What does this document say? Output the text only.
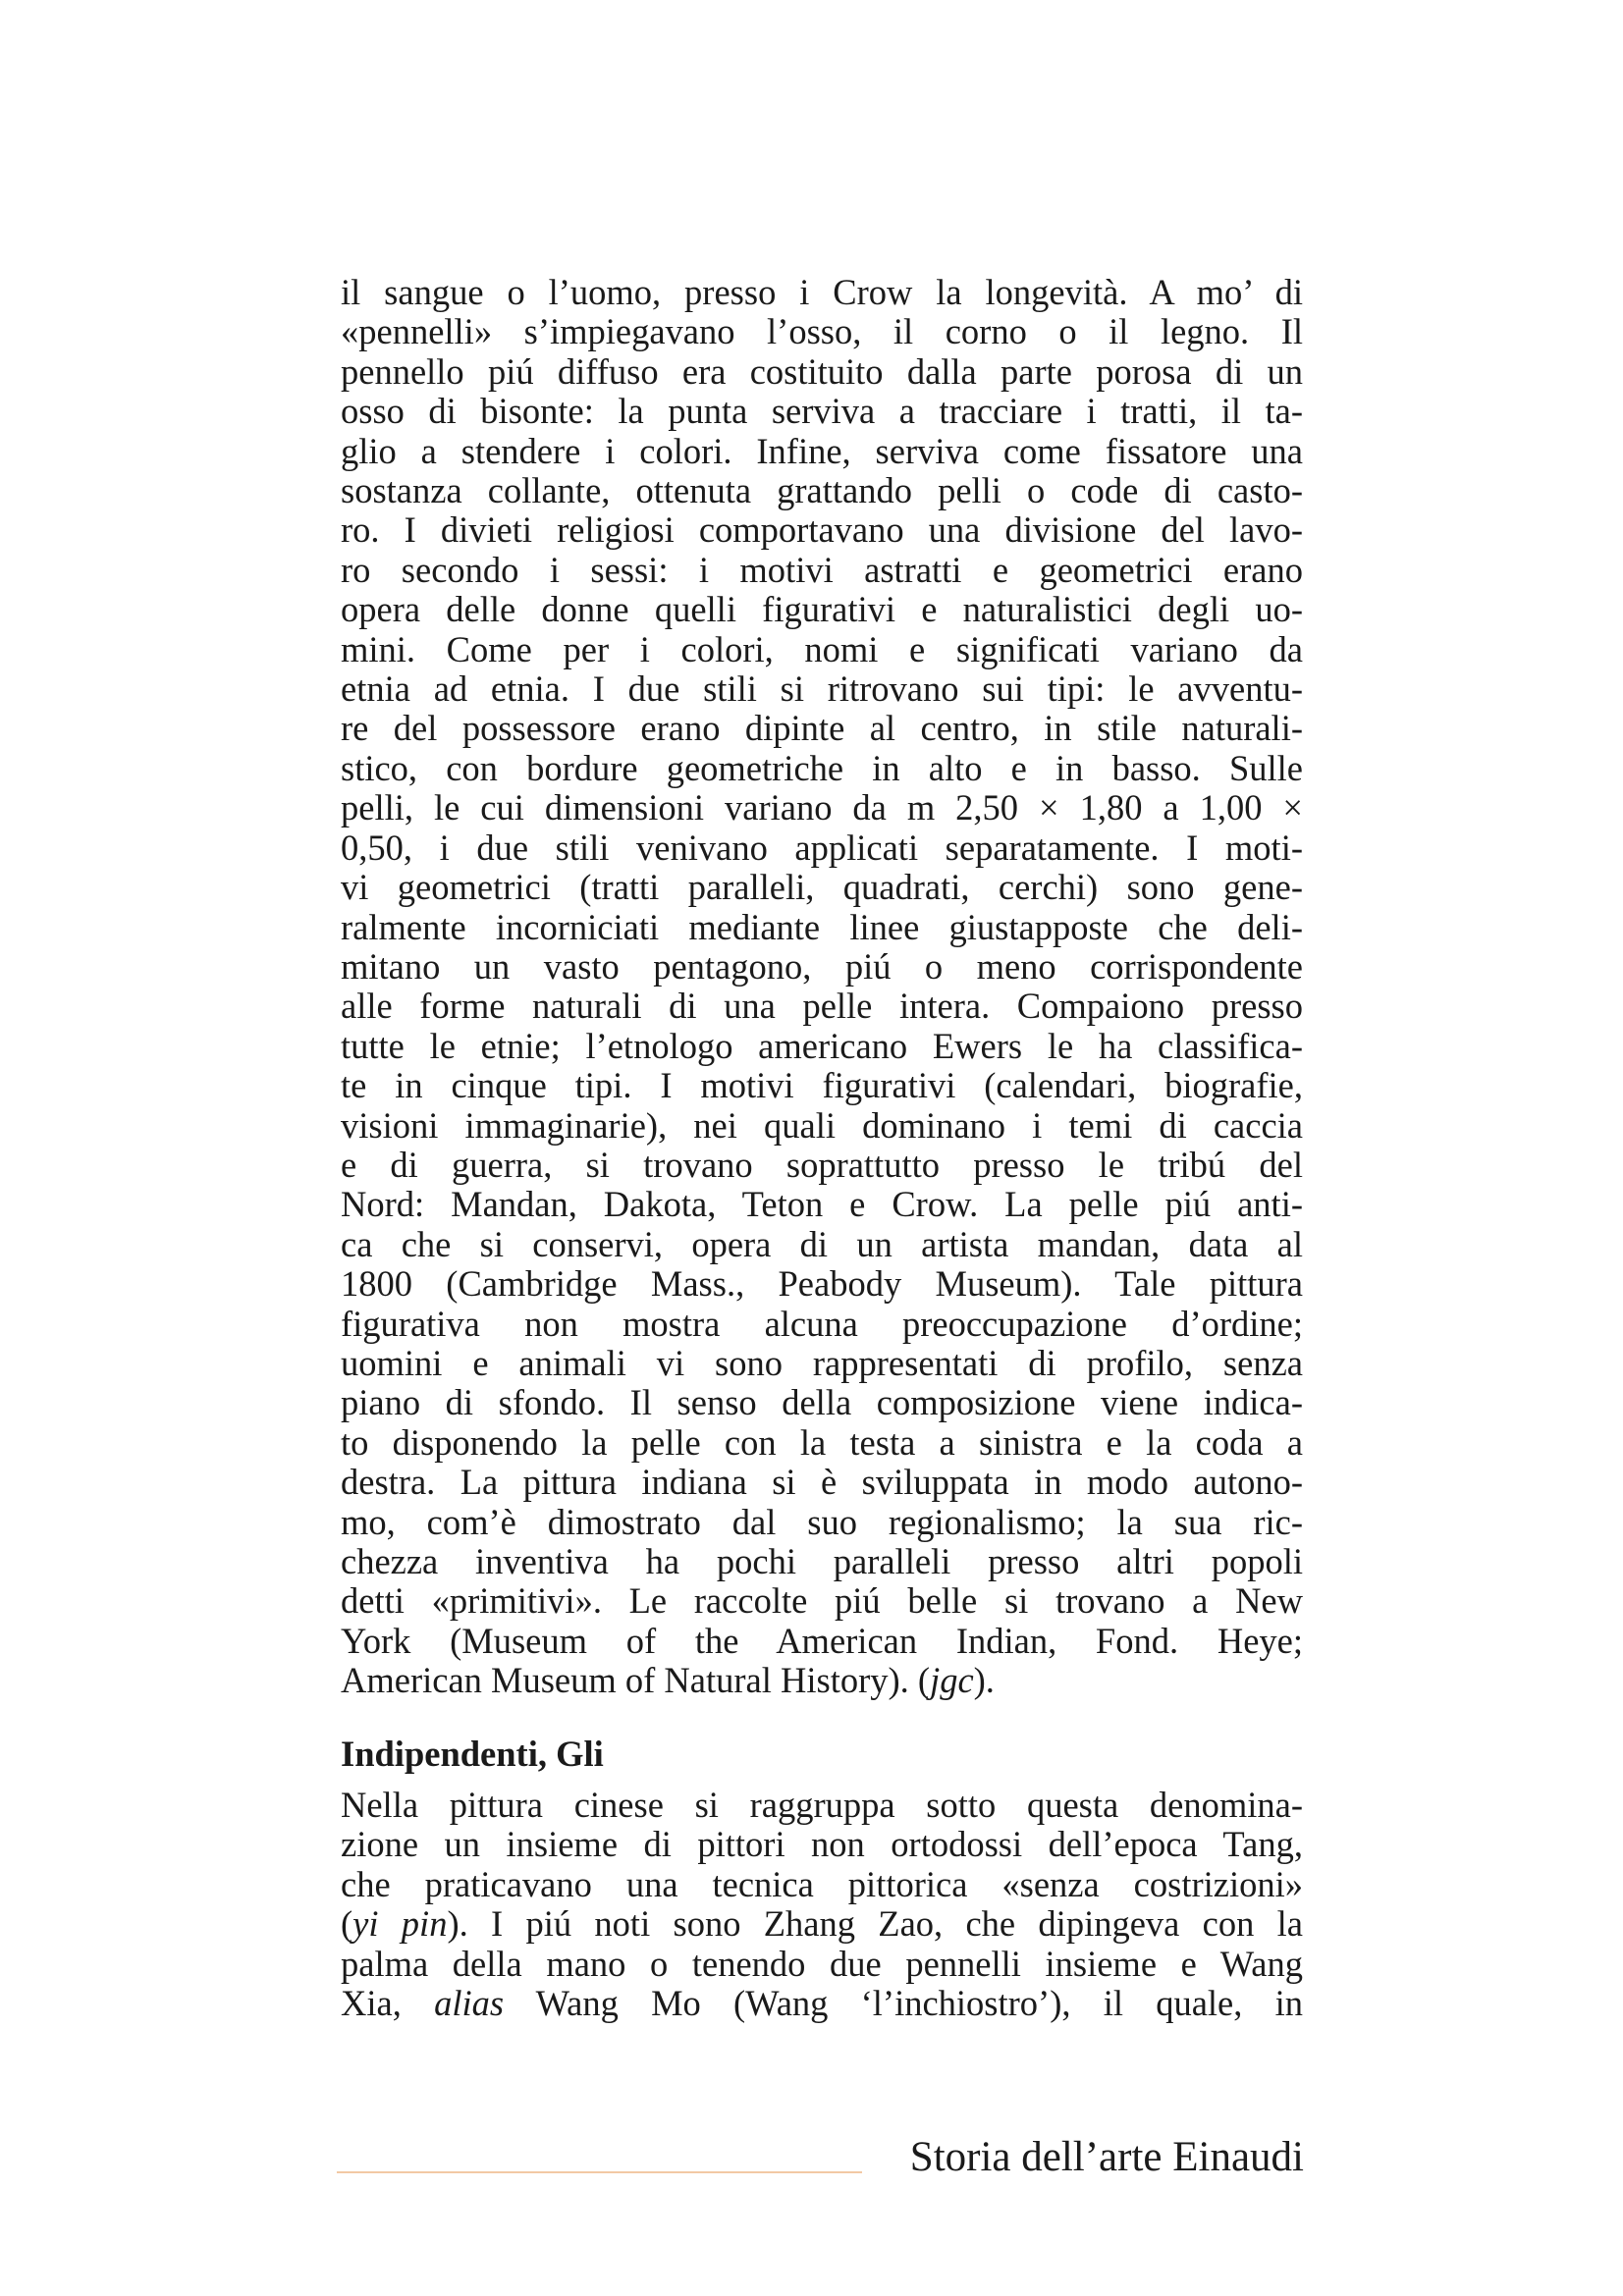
il sangue o l’uomo, presso i Crow la longevità. A mo’ di
«pennelli» s’impiegavano l’osso, il corno o il legno. Il
pennello piú diffuso era costituito dalla parte porosa di un
osso di bisonte: la punta serviva a tracciare i tratti, il ta-
glio a stendere i colori. Infine, serviva come fissatore una
sostanza collante, ottenuta grattando pelli o code di casto-
ro. I divieti religiosi comportavano una divisione del lavo-
ro secondo i sessi: i motivi astratti e geometrici erano
opera delle donne quelli figurativi e naturalistici degli uo-
mini. Come per i colori, nomi e significati variano da
etnia ad etnia. I due stili si ritrovano sui tipi: le avventu-
re del possessore erano dipinte al centro, in stile naturali-
stico, con bordure geometriche in alto e in basso. Sulle
pelli, le cui dimensioni variano da m 2,50 × 1,80 a 1,00 ×
0,50, i due stili venivano applicati separatamente. I moti-
vi geometrici (tratti paralleli, quadrati, cerchi) sono gene-
ralmente incorniciati mediante linee giustapposte che deli-
mitano un vasto pentagono, piú o meno corrispondente
alle forme naturali di una pelle intera. Compaiono presso
tutte le etnie; l’etnologo americano Ewers le ha classifica-
te in cinque tipi. I motivi figurativi (calendari, biografie,
visioni immaginarie), nei quali dominano i temi di caccia
e di guerra, si trovano soprattutto presso le tribú del
Nord: Mandan, Dakota, Teton e Crow. La pelle piú anti-
ca che si conservi, opera di un artista mandan, data al
1800 (Cambridge Mass., Peabody Museum). Tale pittura
figurativa non mostra alcuna preoccupazione d’ordine;
uomini e animali vi sono rappresentati di profilo, senza
piano di sfondo. Il senso della composizione viene indica-
to disponendo la pelle con la testa a sinistra e la coda a
destra. La pittura indiana si è sviluppata in modo autono-
mo, com’è dimostrato dal suo regionalismo; la sua ric-
chezza inventiva ha pochi paralleli presso altri popoli
detti «primitivi». Le raccolte piú belle si trovano a New
York (Museum of the American Indian, Fond. Heye;
American Museum of Natural History). (jgc).
Indipendenti, Gli
Nella pittura cinese si raggruppa sotto questa denomina-
zione un insieme di pittori non ortodossi dell’epoca Tang,
che praticavano una tecnica pittorica «senza costrizioni»
(yi pin). I piú noti sono Zhang Zao, che dipingeva con la
palma della mano o tenendo due pennelli insieme e Wang
Xia, alias Wang Mo (Wang ‘l’inchiostro’), il quale, in
Storia dell’arte Einaudi
